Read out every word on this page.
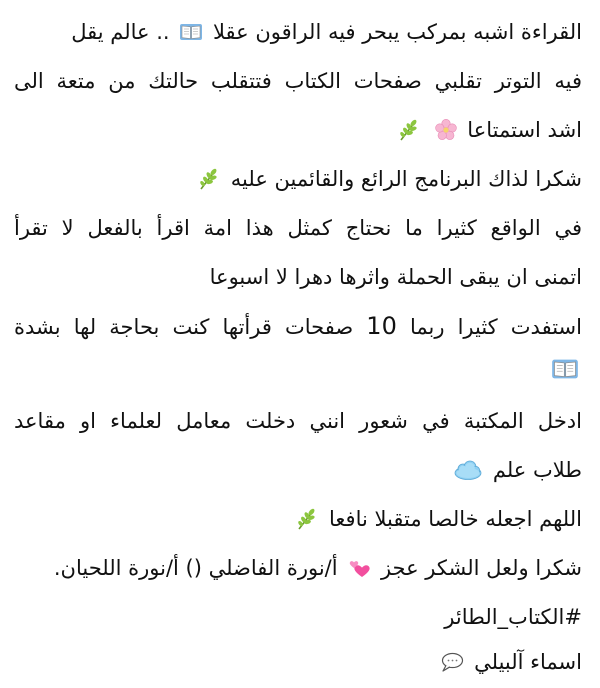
القراءة اشبه بمركب يبحر فيه الراقون عقلا  .. عالم يقل
فيه التوتر تقلبي صفحات الكتاب فتتقلب حالتك من متعة الى
اشد استمتاعا
شكرا لذاك البرنامج الرائع والقائمين عليه
في الواقع كثيرا ما نحتاج كمثل هذا امة اقرأ بالفعل لا تقرأ
اتمنى ان يبقى الحملة واثرها دهرا لا اسبوعا
استفدت كثيرا ربما 10 صفحات قرأتها كنت بحاجة لها بشدة
ادخل المكتبة في شعور انني دخلت معامل لعلماء او مقاعد
طلاب علم
اللهم اجعله خالصا متقبلا نافعا
شكرا ولعل الشكر عجز  أ/نورة الفاضلي () أ/نورة اللحيان.
#الكتاب_الطائر
اسماء آلبيلي
